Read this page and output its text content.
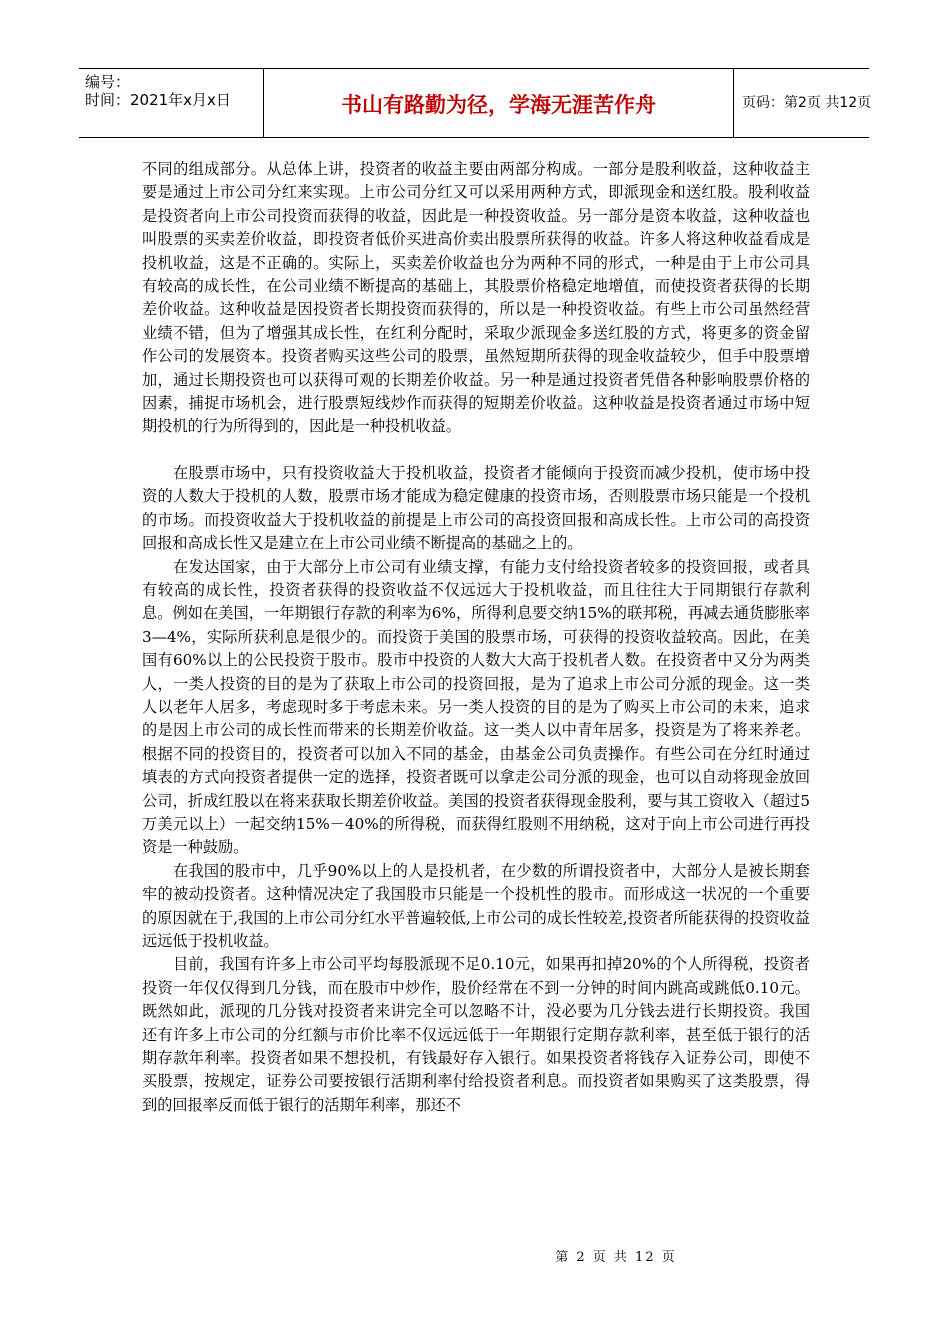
编号：
时间：2021年x月x日	书山有路勤为径，学海无涯苦作舟	页码：第2页 共12页

不同的组成部分。从总体上讲，投资者的收益主要由两部分构成。一部分是股利收益，这种收益主要是通过上市公司分红来实现。上市公司分红又可以采用两种方式，即派现金和送红股。股利收益是投资者向上市公司投资而获得的收益，因此是一种投资收益。另一部分是资本收益，这种收益也叫股票的买卖差价收益，即投资者低价买进高价卖出股票所获得的收益。许多人将这种收益看成是投机收益，这是不正确的。实际上，买卖差价收益也分为两种不同的形式，一种是由于上市公司具有较高的成长性，在公司业绩不断提高的基础上，其股票价格稳定地增值，而使投资者获得的长期差价收益。这种收益是因投资者长期投资而获得的，所以是一种投资收益。有些上市公司虽然经营业绩不错，但为了增强其成长性，在红利分配时，采取少派现金多送红股的方式，将更多的资金留作公司的发展资本。投资者购买这些公司的股票，虽然短期所获得的现金收益较少，但手中股票增加，通过长期投资也可以获得可观的长期差价收益。另一种是通过投资者凭借各种影响股票价格的因素，捕捉市场机会，进行股票短线炒作而获得的短期差价收益。这种收益是投资者通过市场中短期投机的行为所得到的，因此是一种投机收益。

在股票市场中，只有投资收益大于投机收益，投资者才能倾向于投资而减少投机，使市场中投资的人数大于投机的人数，股票市场才能成为稳定健康的投资市场，否则股票市场只能是一个投机的市场。而投资收益大于投机收益的前提是上市公司的高投资回报和高成长性。上市公司的高投资回报和高成长性又是建立在上市公司业绩不断提高的基础之上的。

在发达国家，由于大部分上市公司有业绩支撑，有能力支付给投资者较多的投资回报，或者具有较高的成长性，投资者获得的投资收益不仅远远大于投机收益，而且往往大于同期银行存款利息。例如在美国，一年期银行存款的利率为6%，所得利息要交纳15%的联邦税，再减去通货膨胀率3—4%，实际所获利息是很少的。而投资于美国的股票市场，可获得的投资收益较高。因此，在美国有60%以上的公民投资于股市。股市中投资的人数大大高于投机者人数。在投资者中又分为两类人，一类人投资的目的是为了获取上市公司的投资回报，是为了追求上市公司分派的现金。这一类人以老年人居多，考虑现时多于考虑未来。另一类人投资的目的是为了购买上市公司的未来，追求的是因上市公司的成长性而带来的长期差价收益。这一类人以中青年居多，投资是为了将来养老。根据不同的投资目的，投资者可以加入不同的基金，由基金公司负责操作。有些公司在分红时通过填表的方式向投资者提供一定的选择，投资者既可以拿走公司分派的现金，也可以自动将现金放回公司，折成红股以在将来获取长期差价收益。美国的投资者获得现金股利，要与其工资收入（超过5万美元以上）一起交纳15%－40%的所得税，而获得红股则不用纳税，这对于向上市公司进行再投资是一种鼓励。

在我国的股市中，几乎90%以上的人是投机者，在少数的所谓投资者中，大部分人是被长期套牢的被动投资者。这种情况决定了我国股市只能是一个投机性的股市。而形成这一状况的一个重要的原因就在于,我国的上市公司分红水平普遍较低,上市公司的成长性较差,投资者所能获得的投资收益远远低于投机收益。

目前，我国有许多上市公司平均每股派现不足0.10元，如果再扣掉20%的个人所得税，投资者投资一年仅仅得到几分钱，而在股市中炒作，股价经常在不到一分钟的时间内跳高或跳低0.10元。既然如此，派现的几分钱对投资者来讲完全可以忽略不计，没必要为几分钱去进行长期投资。我国还有许多上市公司的分红额与市价比率不仅远远低于一年期银行定期存款利率，甚至低于银行的活期存款年利率。投资者如果不想投机，有钱最好存入银行。如果投资者将钱存入证券公司，即使不买股票，按规定，证券公司要按银行活期利率付给投资者利息。而投资者如果购买了这类股票，得到的回报率反而低于银行的活期年利率，那还不

第 2 页 共 12 页
